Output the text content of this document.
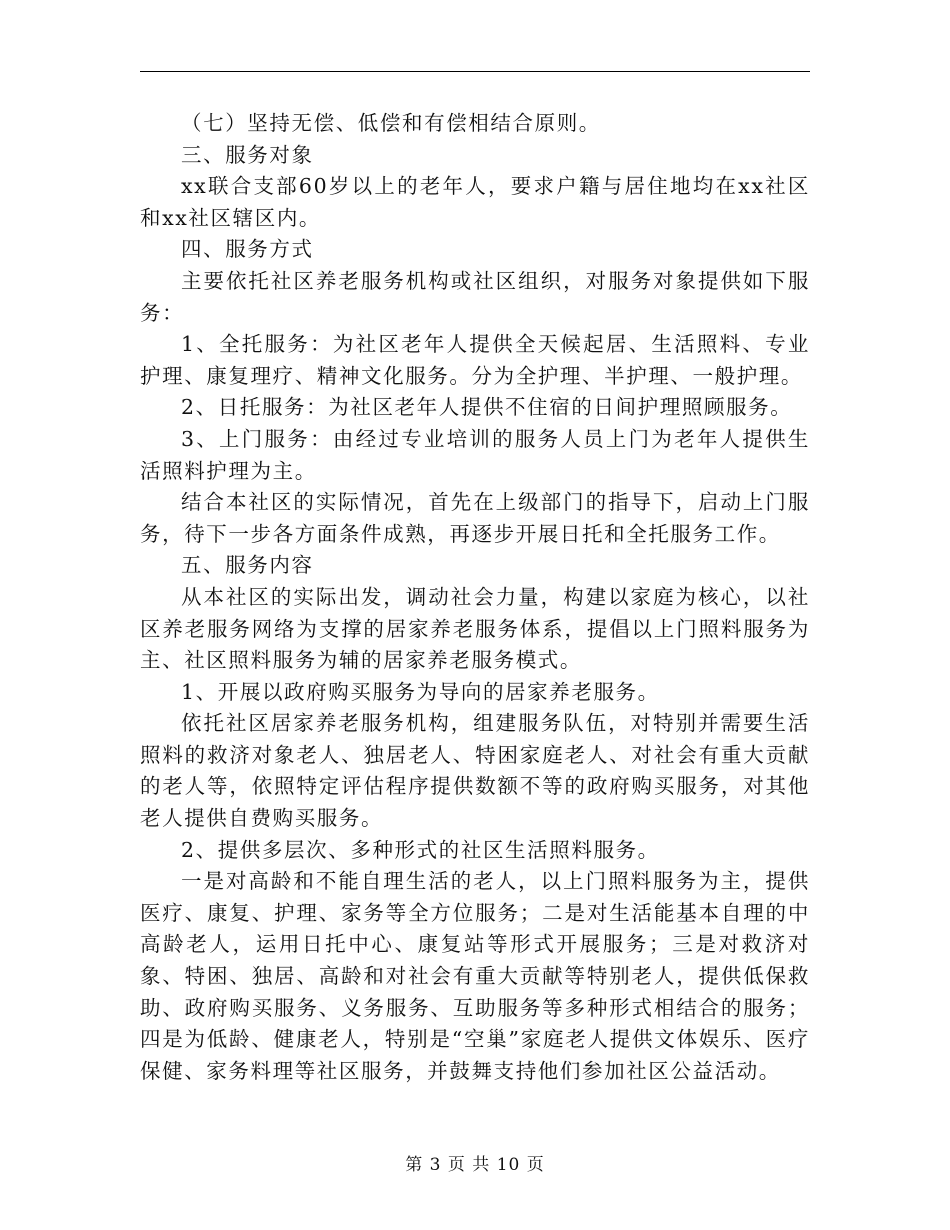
（七）坚持无偿、低偿和有偿相结合原则。

三、服务对象

xx联合支部60岁以上的老年人，要求户籍与居住地均在xx社区和xx社区辖区内。

四、服务方式

主要依托社区养老服务机构或社区组织，对服务对象提供如下服务：

1、全托服务：为社区老年人提供全天候起居、生活照料、专业护理、康复理疗、精神文化服务。分为全护理、半护理、一般护理。

2、日托服务：为社区老年人提供不住宿的日间护理照顾服务。

3、上门服务：由经过专业培训的服务人员上门为老年人提供生活照料护理为主。

结合本社区的实际情况，首先在上级部门的指导下，启动上门服务，待下一步各方面条件成熟，再逐步开展日托和全托服务工作。

五、服务内容

从本社区的实际出发，调动社会力量，构建以家庭为核心，以社区养老服务网络为支撑的居家养老服务体系，提倡以上门照料服务为主、社区照料服务为辅的居家养老服务模式。

1、开展以政府购买服务为导向的居家养老服务。

依托社区居家养老服务机构，组建服务队伍，对特别并需要生活照料的救济对象老人、独居老人、特困家庭老人、对社会有重大贡献的老人等，依照特定评估程序提供数额不等的政府购买服务，对其他老人提供自费购买服务。

2、提供多层次、多种形式的社区生活照料服务。

一是对高龄和不能自理生活的老人，以上门照料服务为主，提供医疗、康复、护理、家务等全方位服务；二是对生活能基本自理的中高龄老人，运用日托中心、康复站等形式开展服务；三是对救济对象、特困、独居、高龄和对社会有重大贡献等特别老人，提供低保救助、政府购买服务、义务服务、互助服务等多种形式相结合的服务；四是为低龄、健康老人，特别是“空巢”家庭老人提供文体娱乐、医疗保健、家务料理等社区服务，并鼓舞支持他们参加社区公益活动。

第 3 页 共 10 页
